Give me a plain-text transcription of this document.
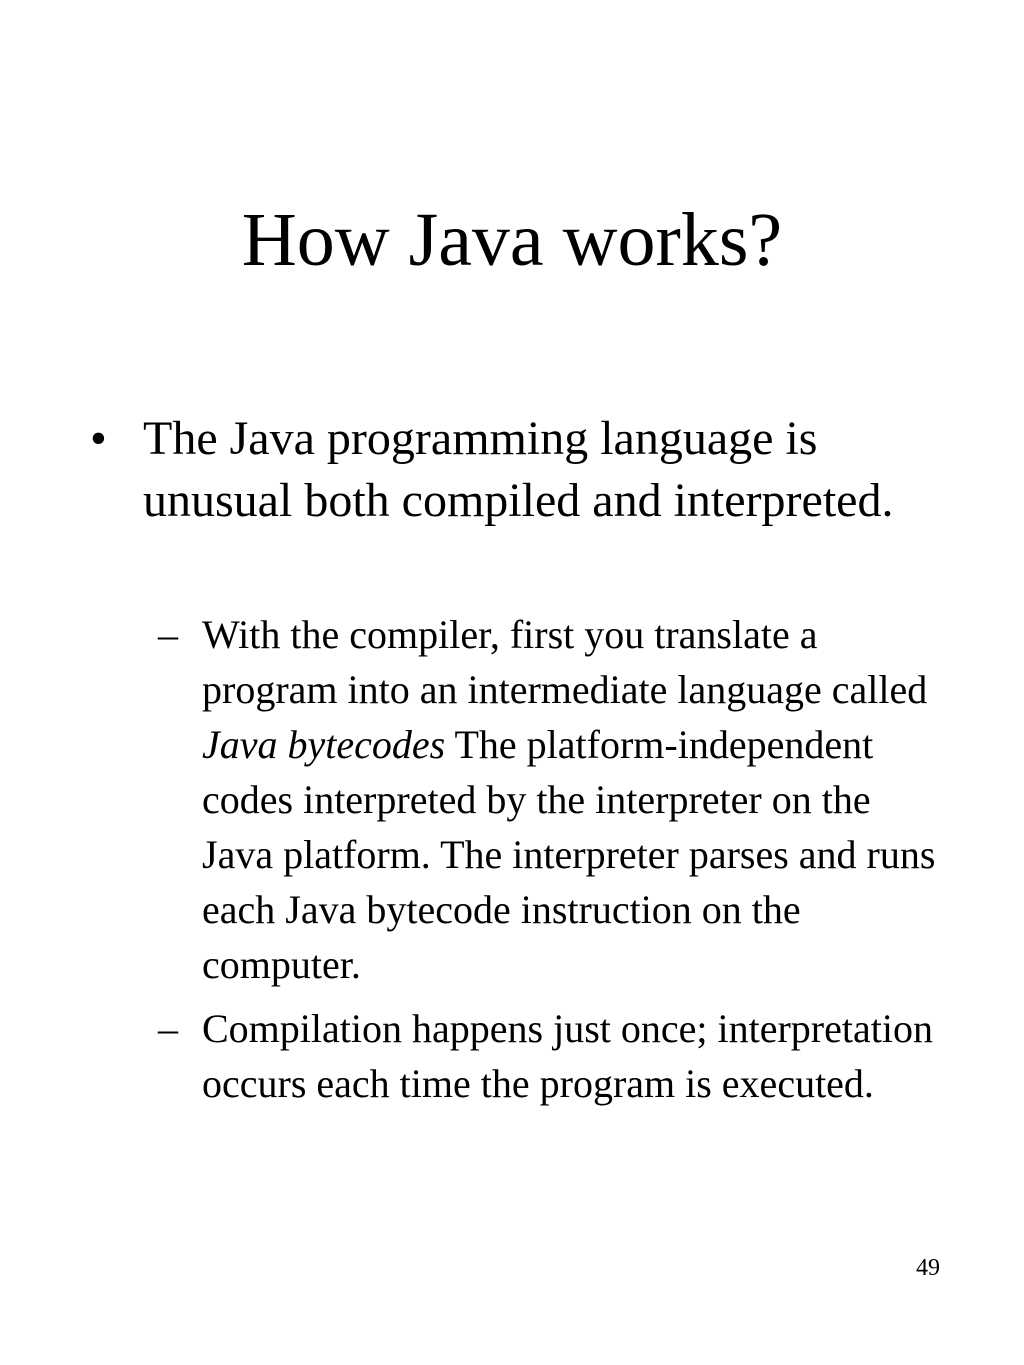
How Java works?
• The Java programming language is unusual both compiled and interpreted.
– With the compiler, first you translate a program into an intermediate language called Java bytecodes The platform-independent codes interpreted by the interpreter on the Java platform. The interpreter parses and runs each Java bytecode instruction on the computer.
– Compilation happens just once; interpretation occurs each time the program is executed.
49
